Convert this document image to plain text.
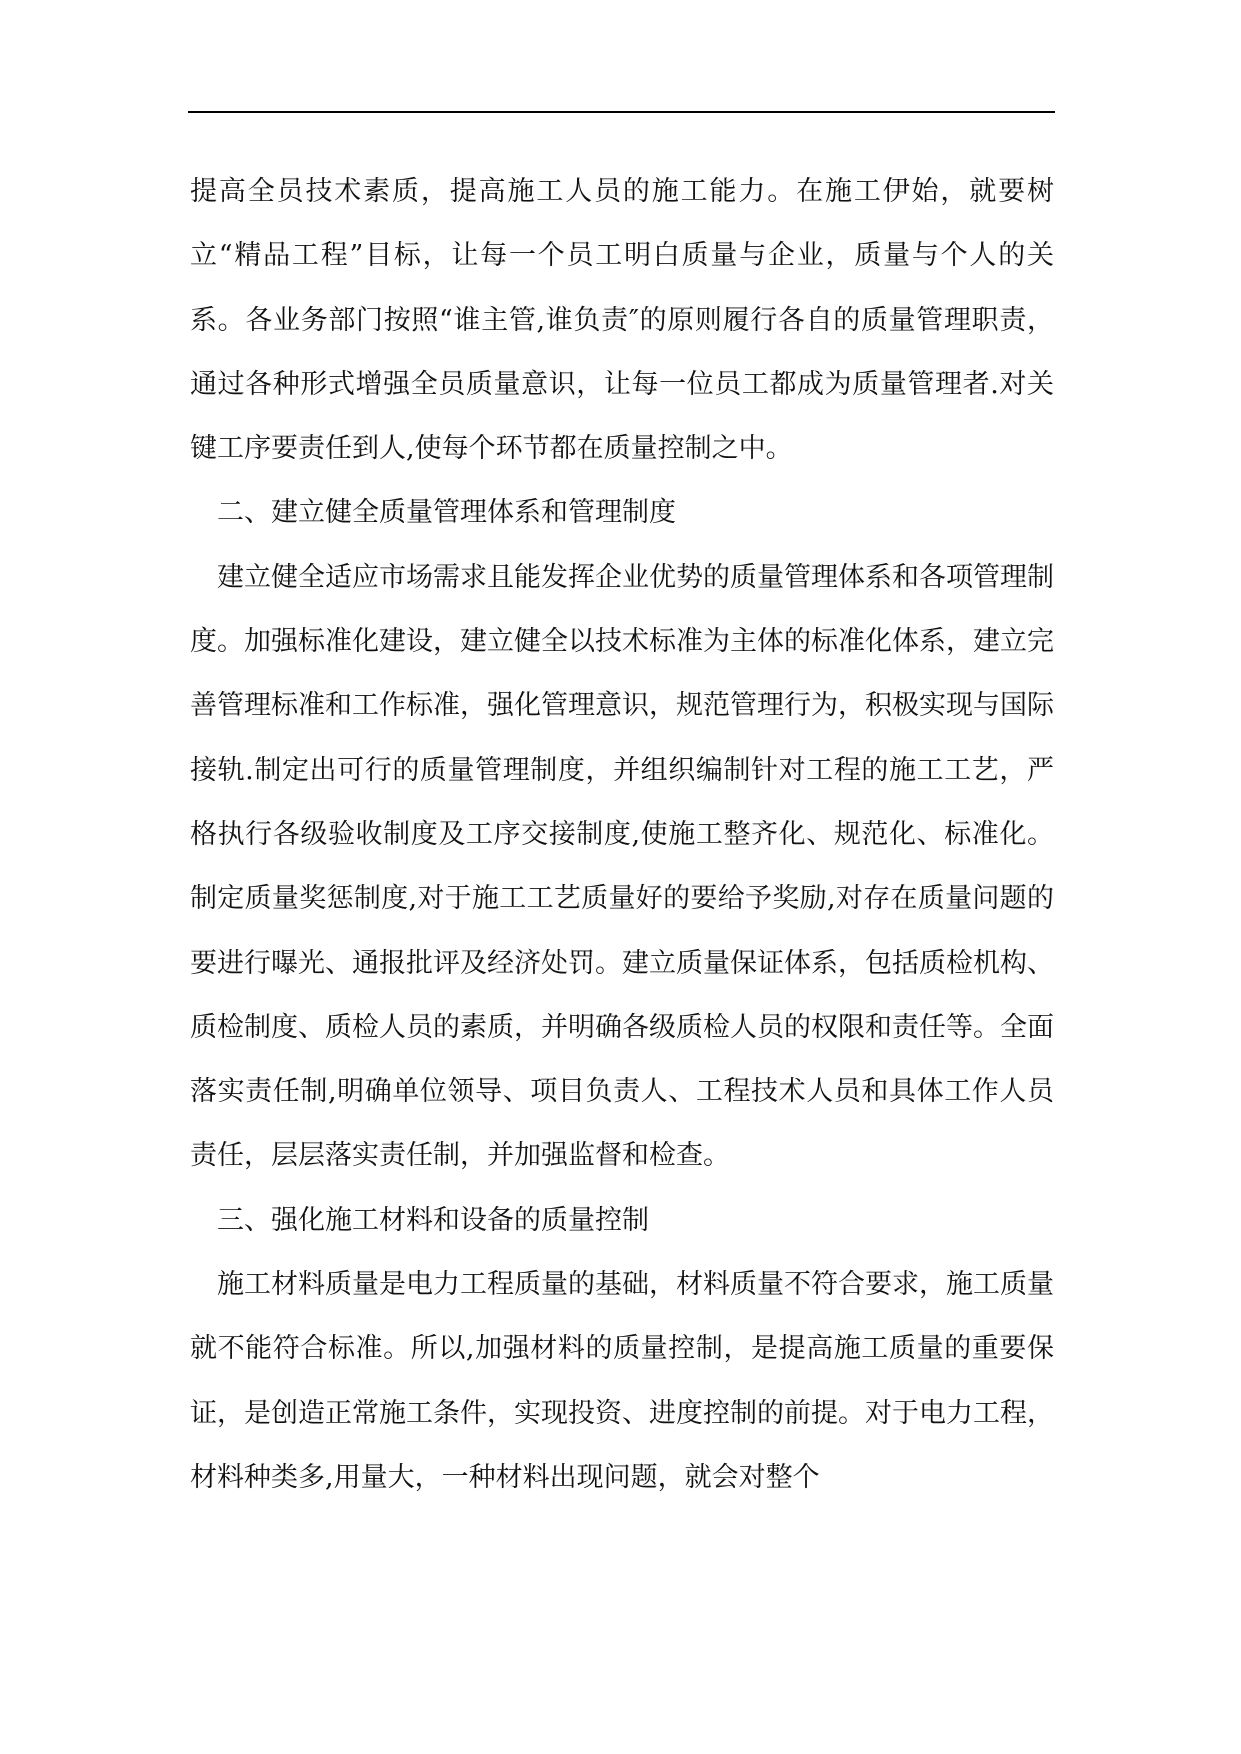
提高全员技术素质，提高施工人员的施工能力。在施工伊始，就要树立“精品工程”目标，让每一个员工明白质量与企业，质量与个人的关系。各业务部门按照“谁主管,谁负责″的原则履行各自的质量管理职责，通过各种形式增强全员质量意识，让每一位员工都成为质量管理者.对关键工序要责任到人,使每个环节都在质量控制之中。

二、建立健全质量管理体系和管理制度

建立健全适应市场需求且能发挥企业优势的质量管理体系和各项管理制度。加强标准化建设，建立健全以技术标准为主体的标准化体系，建立完善管理标准和工作标准，强化管理意识，规范管理行为，积极实现与国际接轨.制定出可行的质量管理制度，并组织编制针对工程的施工工艺，严格执行各级验收制度及工序交接制度,使施工整齐化、规范化、标准化。制定质量奖惩制度,对于施工工艺质量好的要给予奖励,对存在质量问题的要进行曝光、通报批评及经济处罚。建立质量保证体系，包括质检机构、质检制度、质检人员的素质，并明确各级质检人员的权限和责任等。全面落实责任制,明确单位领导、项目负责人、工程技术人员和具体工作人员责任，层层落实责任制，并加强监督和检查。

三、强化施工材料和设备的质量控制

施工材料质量是电力工程质量的基础，材料质量不符合要求，施工质量就不能符合标准。所以,加强材料的质量控制，是提高施工质量的重要保证，是创造正常施工条件，实现投资、进度控制的前提。对于电力工程，材料种类多,用量大，一种材料出现问题，就会对整个
